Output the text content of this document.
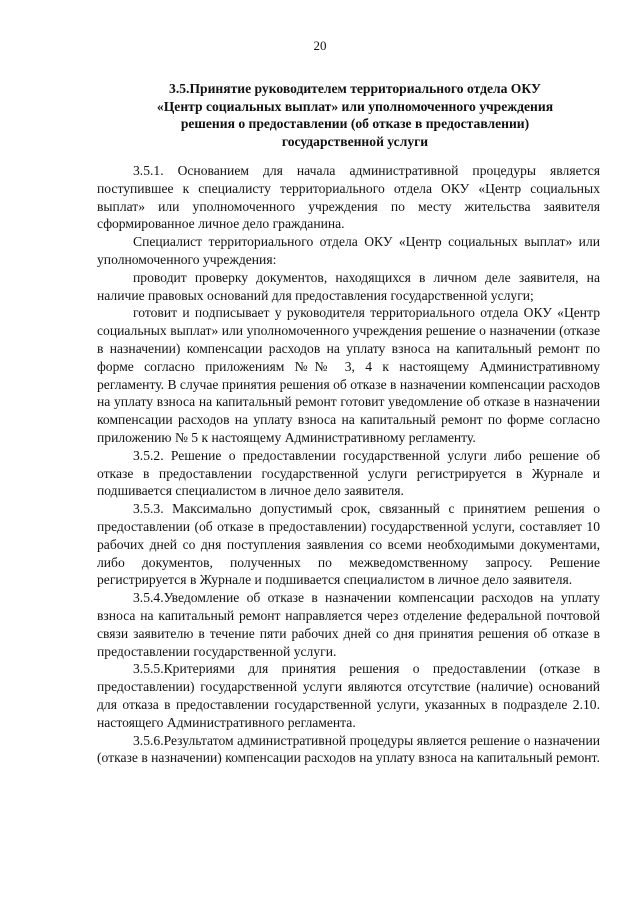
20
3.5.Принятие руководителем территориального отдела ОКУ
«Центр социальных выплат» или уполномоченного учреждения
решения о предоставлении (об отказе в предоставлении)
государственной услуги

3.5.1. Основанием для начала административной процедуры является поступившее к специалисту территориального отдела ОКУ «Центр социальных выплат» или уполномоченного учреждения по месту жительства заявителя сформированное личное дело гражданина.

Специалист территориального отдела ОКУ «Центр социальных выплат» или уполномоченного учреждения:

проводит проверку документов, находящихся в личном деле заявителя, на наличие правовых оснований для предоставления государственной услуги;

готовит и подписывает у руководителя территориального отдела ОКУ «Центр социальных выплат» или уполномоченного учреждения решение о назначении (отказе в назначении) компенсации расходов на уплату взноса на капитальный ремонт по форме согласно приложениям №№ 3, 4 к настоящему Административному регламенту. В случае принятия решения об отказе в назначении компенсации расходов на уплату взноса на капитальный ремонт готовит уведомление об отказе в назначении компенсации расходов на уплату взноса на капитальный ремонт по форме согласно приложению № 5 к настоящему Административному регламенту.

3.5.2. Решение о предоставлении государственной услуги либо решение об отказе в предоставлении государственной услуги регистрируется в Журнале и подшивается специалистом в личное дело заявителя.

3.5.3. Максимально допустимый срок, связанный с принятием решения о предоставлении (об отказе в предоставлении) государственной услуги, составляет 10 рабочих дней со дня поступления заявления со всеми необходимыми документами, либо документов, полученных по межведомственному запросу. Решение регистрируется в Журнале и подшивается специалистом в личное дело заявителя.

3.5.4.Уведомление об отказе в назначении компенсации расходов на уплату взноса на капитальный ремонт направляется через отделение федеральной почтовой связи заявителю в течение пяти рабочих дней со дня принятия решения об отказе в предоставлении государственной услуги.

3.5.5.Критериями для принятия решения о предоставлении (отказе в предоставлении) государственной услуги являются отсутствие (наличие) оснований для отказа в предоставлении государственной услуги, указанных в подразделе 2.10. настоящего Административного регламента.

3.5.6.Результатом административной процедуры является решение о назначении (отказе в назначении) компенсации расходов на уплату взноса на капитальный ремонт.
